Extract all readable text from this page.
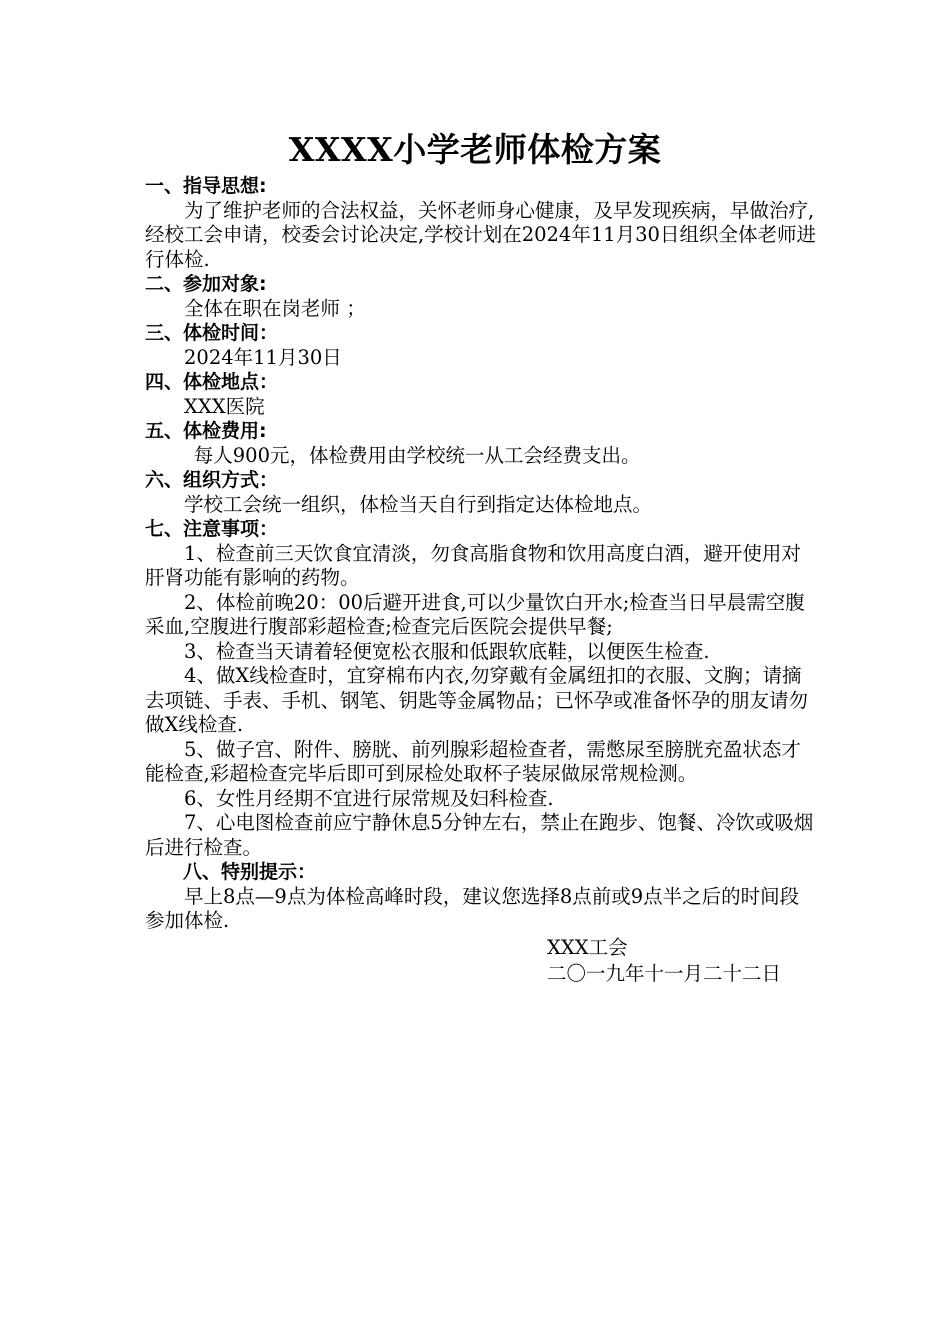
XXXX小学老师体检方案

一、指导思想:

为了维护老师的合法权益，关怀老师身心健康，及早发现疾病，早做治疗,经校工会申请，校委会讨论决定,学校计划在2024年11月30日组织全体老师进行体检.

二、参加对象:

全体在职在岗老师 ；

三、体检时间：

2024年11月30日

四、体检地点：

XXX医院

五、体检费用:

每人900元，体检费用由学校统一从工会经费支出。

六、组织方式：

学校工会统一组织，体检当天自行到指定达体检地点。

七、注意事项：

1、检查前三天饮食宜清淡，勿食高脂食物和饮用高度白酒，避开使用对肝肾功能有影响的药物。

2、体检前晚20：00后避开进食,可以少量饮白开水;检查当日早晨需空腹采血,空腹进行腹部彩超检查;检查完后医院会提供早餐;

3、检查当天请着轻便宽松衣服和低跟软底鞋，以便医生检查.

4、做X线检查时，宜穿棉布内衣,勿穿戴有金属纽扣的衣服、文胸；请摘去项链、手表、手机、钢笔、钥匙等金属物品；已怀孕或准备怀孕的朋友请勿做X线检查.

5、做子宫、附件、膀胱、前列腺彩超检查者，需憋尿至膀胱充盈状态才能检查,彩超检查完毕后即可到尿检处取杯子装尿做尿常规检测。

6、女性月经期不宜进行尿常规及妇科检查.

7、心电图检查前应宁静休息5分钟左右，禁止在跑步、饱餐、冷饮或吸烟后进行检查。

八、特别提示：

早上8点—9点为体检高峰时段，建议您选择8点前或9点半之后的时间段参加体检.

XXX工会

二〇一九年十一月二十二日
